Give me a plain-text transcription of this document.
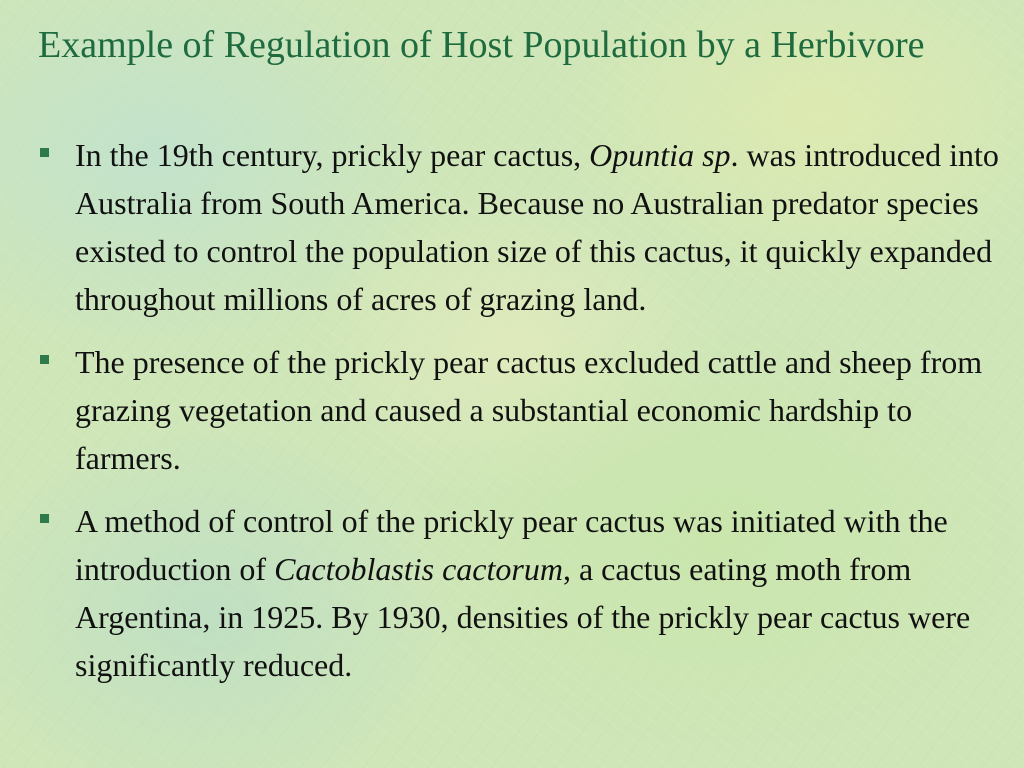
Example of Regulation of Host Population by a Herbivore
In the 19th century, prickly pear cactus, Opuntia sp. was introduced into Australia from South America. Because no Australian predator species existed to control the population size of this cactus, it quickly expanded throughout millions of acres of grazing land.
The presence of the prickly pear cactus excluded cattle and sheep from grazing vegetation and caused a substantial economic hardship to farmers.
A method of control of the prickly pear cactus was initiated with the introduction of Cactoblastis cactorum, a cactus eating moth from Argentina, in 1925. By 1930, densities of the prickly pear cactus were significantly reduced.
